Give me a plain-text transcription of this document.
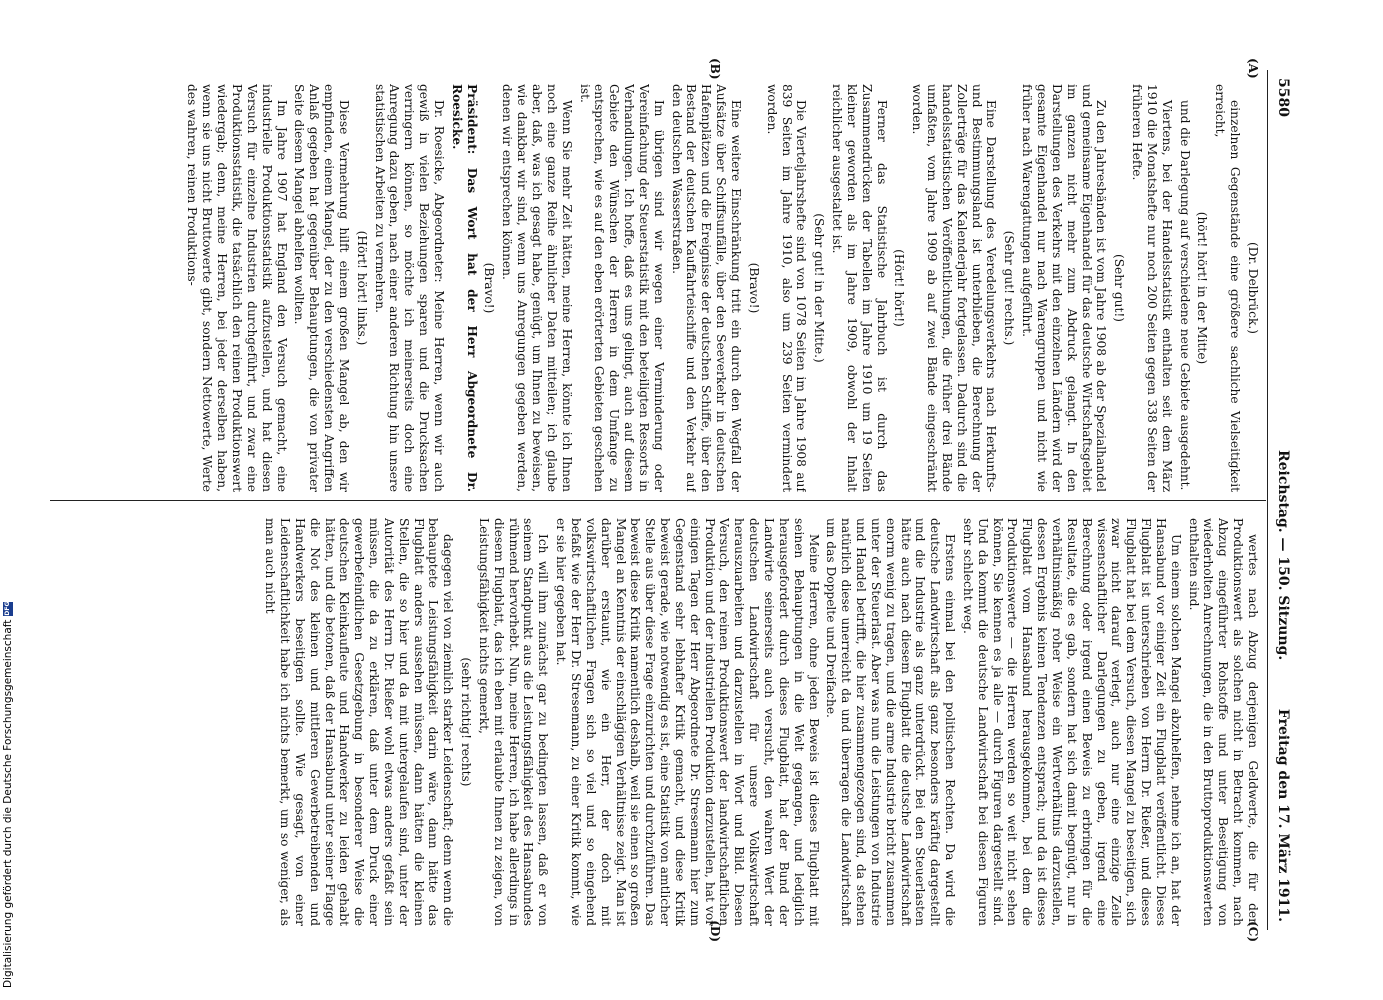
5580
Reichstag. — 150. Sitzung.
Freitag den 17. März 1911.
(A)
(B)
(C)
(D)

(Dr. Delbrück.)

einzelnen Gegenstände eine größere sachliche Vielseitigkeit erreicht,

(hört! hört! in der Mitte)

und die Darlegung auf verschiedene neue Gebiete ausgedehnt.

Viertens, bei der Handelsstatistik enthalten seit dem März 1910 die Monatshefte nur noch 200 Seiten gegen 338 Seiten der früheren Hefte.

(Sehr gut!)

Zu den Jahresbänden ist vom Jahre 1908 ab der Spezialhandel und gemeinsame Eigenhandel für das deutsche Wirtschaftsgebiet im ganzen nicht mehr zum Abdruck gelangt. In den Darstellungen des Verkehrs mit den einzelnen Ländern wird der gesamte Eigenhandel nur nach Warengruppen und nicht wie früher nach Warengattungen aufgeführt.

(Sehr gut! rechts.)

Eine Darstellung des Veredelungsverkehrs nach Herkunfts- und Bestimmungsland ist unterblieben, die Berechnung der Zollerträge für das Kalenderjahr fortgelassen. Dadurch sind die handelsstatistischen Veröffentlichungen, die früher drei Bände umfaßten, vom Jahre 1909 ab auf zwei Bände eingeschränkt worden.

(Hört! hört!)

Ferner das Statistische Jahrbuch ist durch das Zusammendrücken der Tabellen im Jahre 1910 um 19 Seiten kleiner geworden als im Jahre 1909, obwohl der Inhalt reichlicher ausgestaltet ist.

(Sehr gut! in der Mitte.)

Die Vierteljahrshefte sind von 1078 Seiten im Jahre 1908 auf 839 Seiten im Jahre 1910, also um 239 Seiten vermindert worden.

(Bravo!)

Eine weitere Einschränkung tritt ein durch den Wegfall der Aufsätze über Schiffsunfälle, über den Seeverkehr in deutschen Hafenplätzen und die Ereignisse der deutschen Schiffe, über den Bestand der deutschen Kauffahrteischiffe und den Verkehr auf den deutschen Wasserstraßen.

Im übrigen sind wir wegen einer Verminderung oder Vereinfachung der Steuerstatistik mit den beteiligten Ressorts in Verhandlungen. Ich hoffe, daß es uns gelingt, auch auf diesem Gebiete den Wünschen der Herren in dem Umfange zu entsprechen, wie es auf den eben erörterten Gebieten geschehen ist.

Wenn Sie mehr Zeit hätten, meine Herren, könnte ich Ihnen noch eine ganze Reihe ähnlicher Daten mitteilen; ich glaube aber, daß, was ich gesagt habe, genügt, um Ihnen zu beweisen, wie dankbar wir sind, wenn uns Anregungen gegeben werden, denen wir entsprechen können.

(Bravo!)

Präsident: Das Wort hat der Herr Abgeordnete Dr. Roesicke.

Dr. Roesicke, Abgeordneter: Meine Herren, wenn wir auch gewiß in vielen Beziehungen sparen und die Drucksachen verringern können, so möchte ich meinerseits doch eine Anregung dazu geben, nach einer anderen Richtung hin unsere statistischen Arbeiten zu vermehren.

(Hört! hört! links.)

Diese Vermehrung hilft einem großen Mangel ab, den wir empfinden, einem Mangel, der zu den verschiedensten Angriffen Anlaß gegeben hat gegenüber Behauptungen, die von privater Seite diesem Mangel abhelfen wollten.

Im Jahre 1907 hat England den Versuch gemacht, eine industrielle Produktionsstatistik aufzustellen, und hat diesen Versuch für einzelne Industrien durchgeführt, und zwar eine Produktionsstatistik, die tatsächlich den reinen Produktionswert wiedergab; denn, meine Herren, bei jeder derselben haben, wenn sie uns nicht Bruttowerte gibt, sondern Nettowerte, Werte des wahren, reinen Produktions-

wertes nach Abzug derjenigen Geldwerte, die für den Produktionswert als solchen nicht in Betracht kommen, nach Abzug eingeführter Rohstoffe und unter Beseitigung von wiederholten Anrechnungen, die in den Bruttoproduktionswerten enthalten sind.

Um einem solchen Mangel abzuhelfen, nehme ich an, hat der Hansabund vor einiger Zeit ein Flugblatt veröffentlicht. Dieses Flugblatt ist unterschrieben von Herrn Dr. Rießer, und dieses Flugblatt hat bei dem Versuch, diesen Mangel zu beseitigen, sich zwar nicht darauf verlegt, auch nur eine einzige Zeile wissenschaftlicher Darlegungen zu geben, irgend eine Berechnung oder irgend einen Beweis zu erbringen für die Resultate, die es gab, sondern hat sich damit begnügt, nur in verhältnismäßig roher Weise ein Wertverhältnis darzustellen, dessen Ergebnis keinen Tendenzen entsprach; und da ist dieses Flugblatt vom Hansabund herausgekommen, bei dem die Produktionswerte — die Herren werden so weit nicht sehen können, Sie kennen es ja alle — durch Figuren dargestellt sind. Und da kommt die deutsche Landwirtschaft bei diesen Figuren sehr schlecht weg.

Erstens einmal bei den politischen Rechten. Da wird die deutsche Landwirtschaft als ganz besonders kräftig dargestellt und die Industrie als ganz unterdrückt. Bei den Steuerlasten hätte auch nach diesem Flugblatt die deutsche Landwirtschaft enorm wenig zu tragen, und die arme Industrie bricht zusammen unter der Steuerlast. Aber was nun die Leistungen von Industrie und Handel betrifft, die hier zusammengezogen sind, da stehen natürlich diese unerreicht da und überragen die Landwirtschaft um das Doppelte und Dreifache.

Meine Herren, ohne jeden Beweis ist dieses Flugblatt mit seinen Behauptungen in die Welt gegangen, und lediglich herausgefordert durch dieses Flugblatt, hat der Bund der Landwirte seinerseits auch versucht, den wahren Wert der deutschen Landwirtschaft für unsere Volkswirtschaft herauszuarbeiten und darzustellen in Wort und Bild. Diesen Versuch, den reinen Produktionswert der landwirtschaftlichen Produktion und der industriellen Produktion darzustellen, hat vor einigen Tagen der Herr Abgeordnete Dr. Stresemann hier zum Gegenstand sehr lebhafter Kritik gemacht, und diese Kritik beweist gerade, wie notwendig es ist, eine Statistik von amtlicher Stelle aus über diese Frage einzurichten und durchzuführen. Das beweist diese Kritik namentlich deshalb, weil sie einen so großen Mangel an Kenntnis der einschlägigen Verhältnisse zeigt. Man ist darüber erstaunt, wie ein Herr, der doch mit volkswirtschaftlichen Fragen sich so viel und so eingehend befaßt wie der Herr Dr. Stresemann, zu einer Kritik kommt, wie er sie hier gegeben hat.

Ich will ihm zunächst gar zu bedingten lassen, daß er von seinem Standpunkt aus die Leistungsfähigkeit des Hansabundes rühmend hervorhebt. Nun, meine Herren, ich habe allerdings in diesem Flugblatt, das ich eben mit erlaubte Ihnen zu zeigen, von Leistungsfähigkeit nichts gemerkt,

(sehr richtig! rechts)

dagegen viel von ziemlich starker Leidenschaft; denn wenn die behauptete Leistungsfähigkeit darin wäre, dann hätte das Flugblatt anders aussehen müssen, dann hätten die kleinen Stellen, die so hier und da mit untergelaufen sind, unter der Autorität des Herrn Dr. Rießer wohl etwas anders gefaßt sein müssen, die da zu erklären, daß unter dem Druck einer gewerbefeindlichen Gesetzgebung in besonderer Weise die deutschen Kleinkaufleute und Handwerker zu leiden gehabt hätten, und die betonen, daß der Hansabund unter seiner Flagge die Not des kleinen und mittleren Gewerbetreibenden und Handwerkers beseitigen sollte. Wie gesagt, von einer Leidenschaftlichkeit habe ich nichts bemerkt, um so weniger, als man auch nicht

Digitalisierung gefördert durch die Deutsche Forschungsgemeinschaft
DFG
